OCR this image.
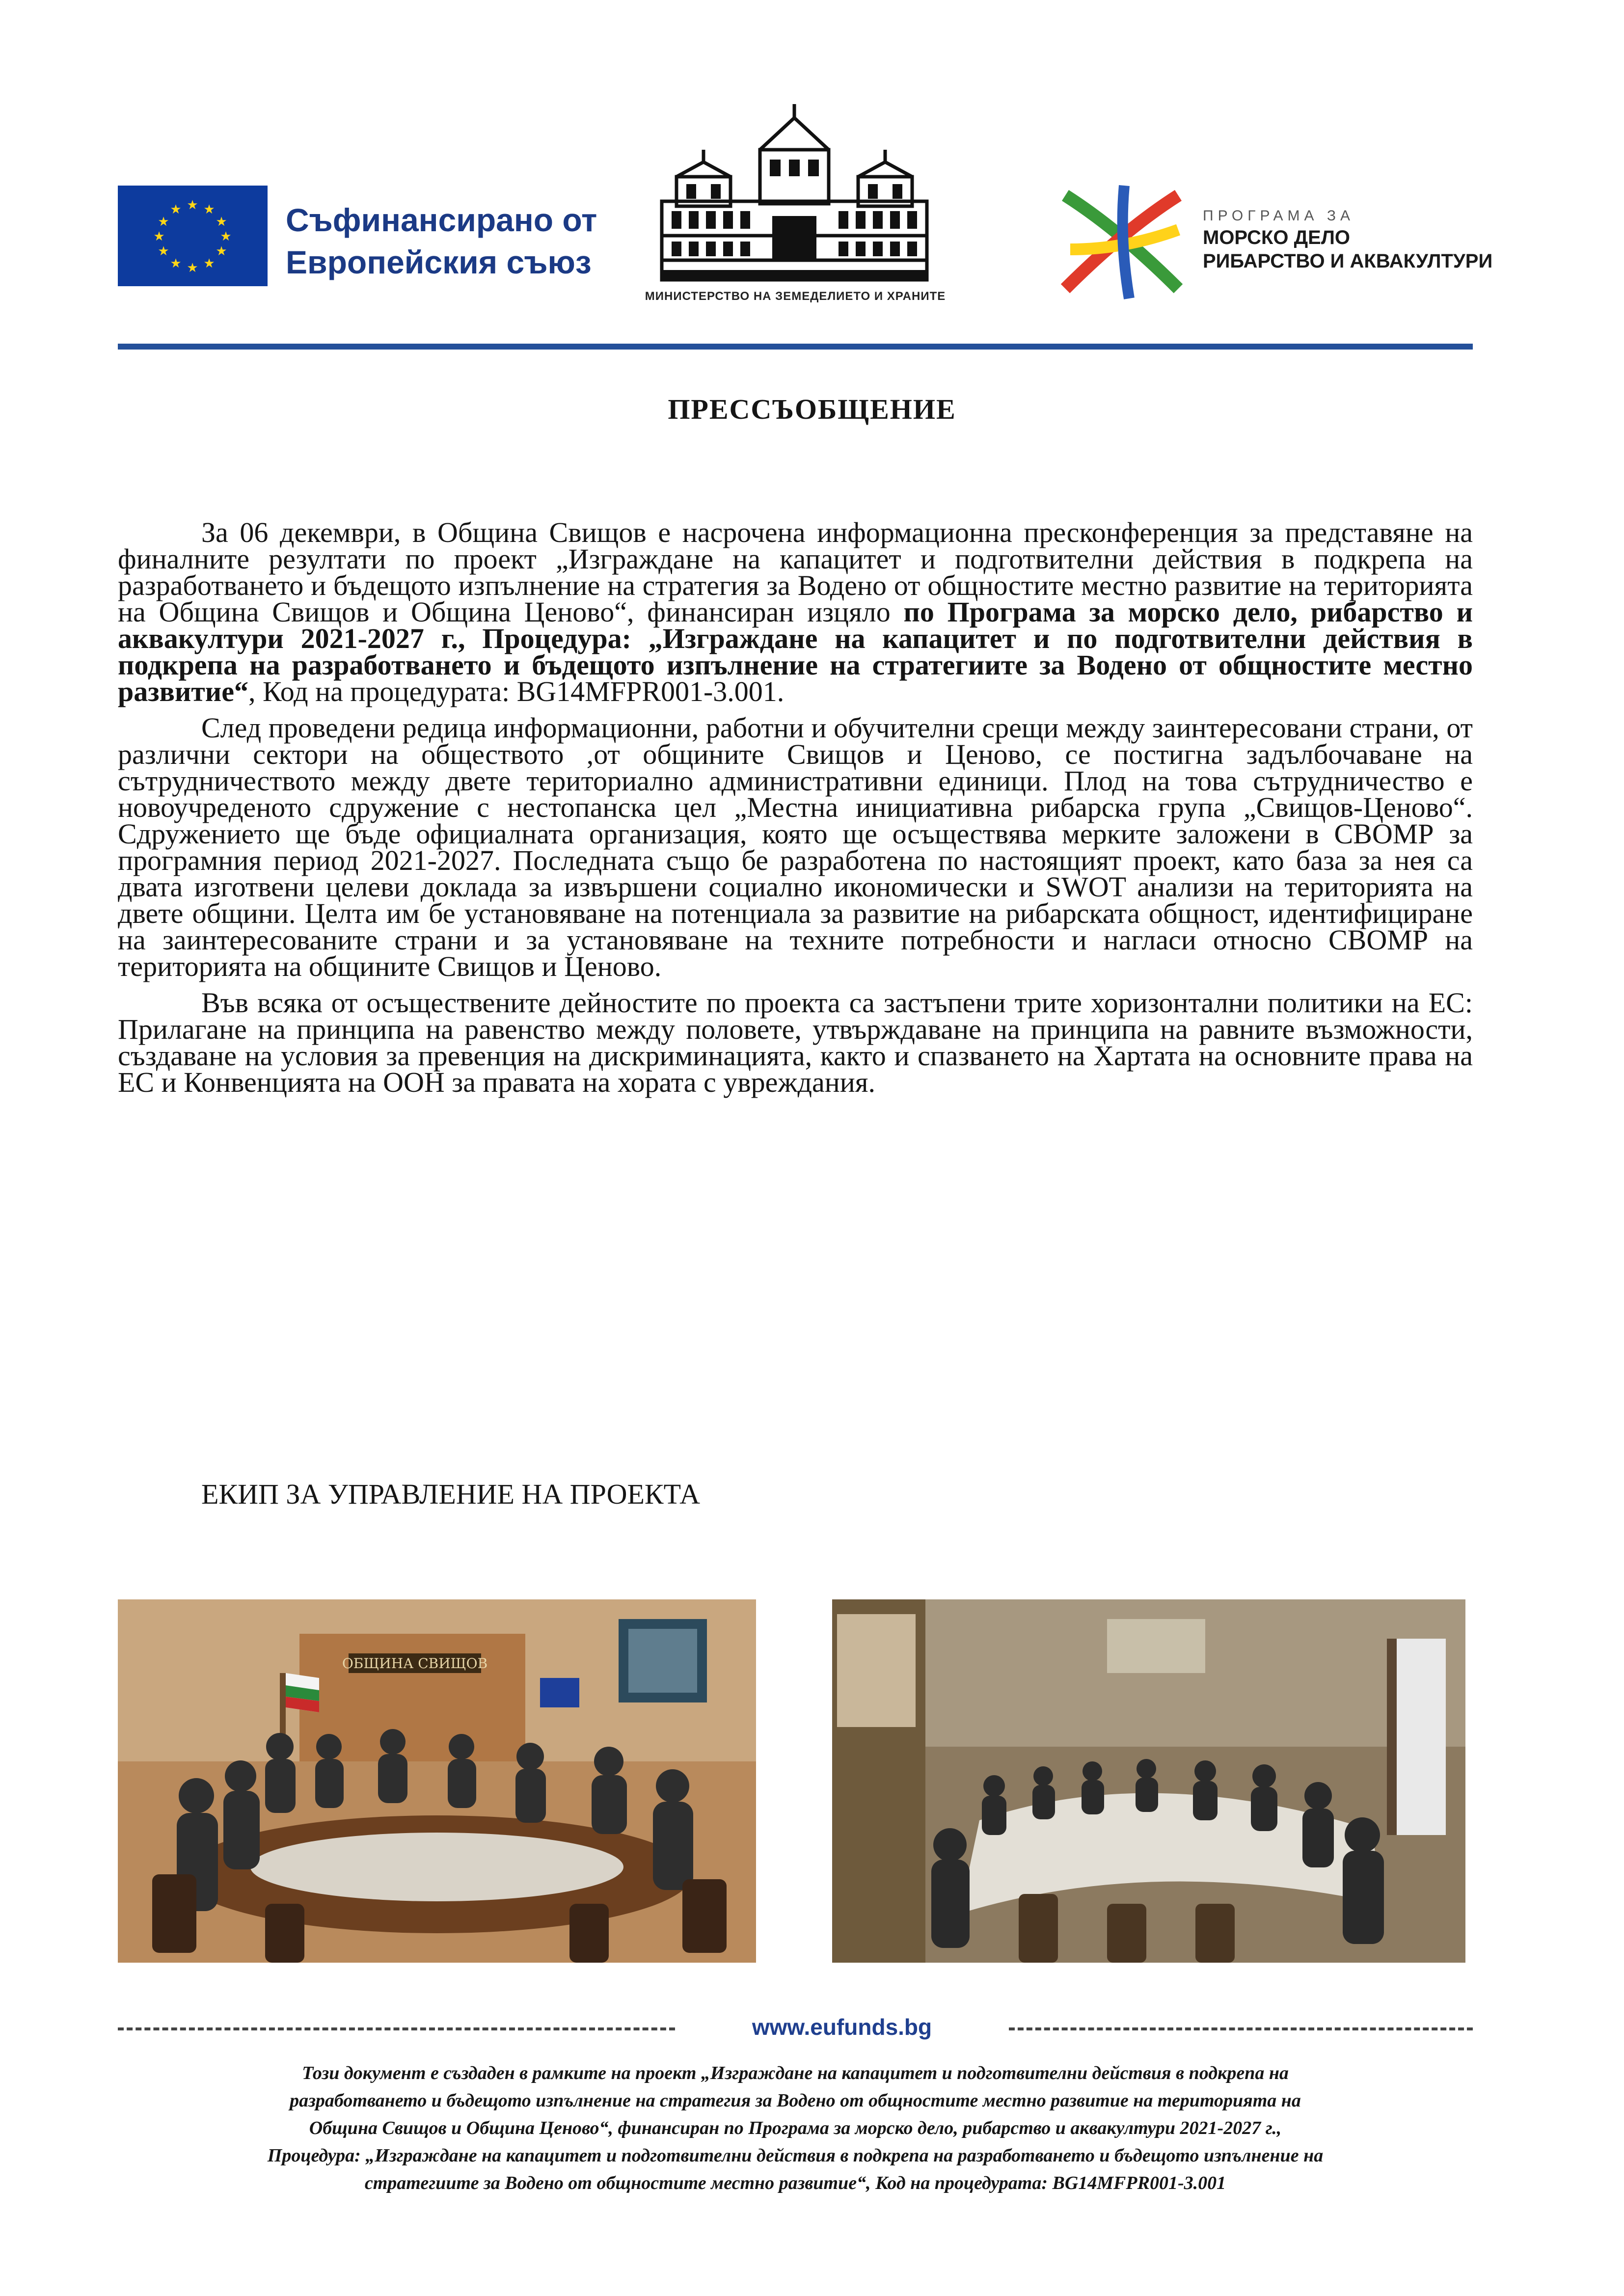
★ ★
★
★
★
★
★
★
★
★
★
★	Съфинансирано от
Европейския съюз
МИНИСТЕРСТВО НА ЗЕМЕДЕЛИЕТО И ХРАНИТЕ
ПРОГРАМА ЗА
МОРСКО ДЕЛО
РИБАРСТВО И АКВАКУЛТУРИ
ПРЕССЪОБЩЕНИЕ

За 06 декември, в Община Свищов е насрочена информационна пресконференция за представяне на финалните резултати по проект „Изграждане на капацитет и подготвителни действия в подкрепа на разработването и бъдещото изпълнение на стратегия за Водено от общностите местно развитие на територията на Община Свищов и Община Ценово“, финансиран изцяло по Програма за морско дело, рибарство и аквакултури 2021-2027 г., Процедура: „Изграждане на капацитет и по подготвителни действия в подкрепа на разработването и бъдещото изпълнение на стратегиите за Водено от общностите местно развитие“, Код на процедурата: BG14MFPR001-3.001.

След проведени редица информационни, работни и обучителни срещи между заинтересовани страни, от различни сектори на обществото ,от общините Свищов и Ценово, се постигна задълбочаване на сътрудничеството между двете териториално административни единици. Плод на това сътрудничество е новоучреденото сдружение с нестопанска цел „Местна инициативна рибарска група „Свищов-Ценово“. Сдружението ще бъде официалната организация, която ще осъществява мерките заложени в СВОМР за програмния период 2021-2027. Последната също бе разработена по настоящият проект, като база за нея са двата изготвени целеви доклада за извършени социално икономически и SWOT анализи на територията на двете общини. Целта им бе установяване на потенциала за развитие на рибарската общност, идентифициране на заинтересованите страни и за установяване на техните потребности и нагласи относно СВОМР на територията на общините Свищов и Ценово.

Във всяка от осъществените дейностите по проекта са застъпени трите хоризонтални политики на ЕС: Прилагане на принципа на равенство между половете, утвърждаване на принципа на равните възможности, създаване на условия за превенция на дискриминацията, както и спазването на Хартата на основните права на ЕС и Конвенцията на ООН за правата на хората с увреждания.

ЕКИП ЗА УПРАВЛЕНИЕ НА ПРОЕКТА
ОБЩИНА СВИЩОВ
www.eufunds.bg
Този документ е създаден в рамките на проект „Изграждане на капацитет и подготвителни действия в подкрепа на
разработването и бъдещото изпълнение на стратегия за Водено от общностите местно развитие на територията на
Община Свищов и Община Ценово“, финансиран по Програма за морско дело, рибарство и аквакултури 2021-2027 г.,
Процедура: „Изграждане на капацитет и подготвителни действия в подкрепа на разработването и бъдещото изпълнение на
стратегиите за Водено от общностите местно развитие“, Код на процедурата: BG14MFPR001-3.001
